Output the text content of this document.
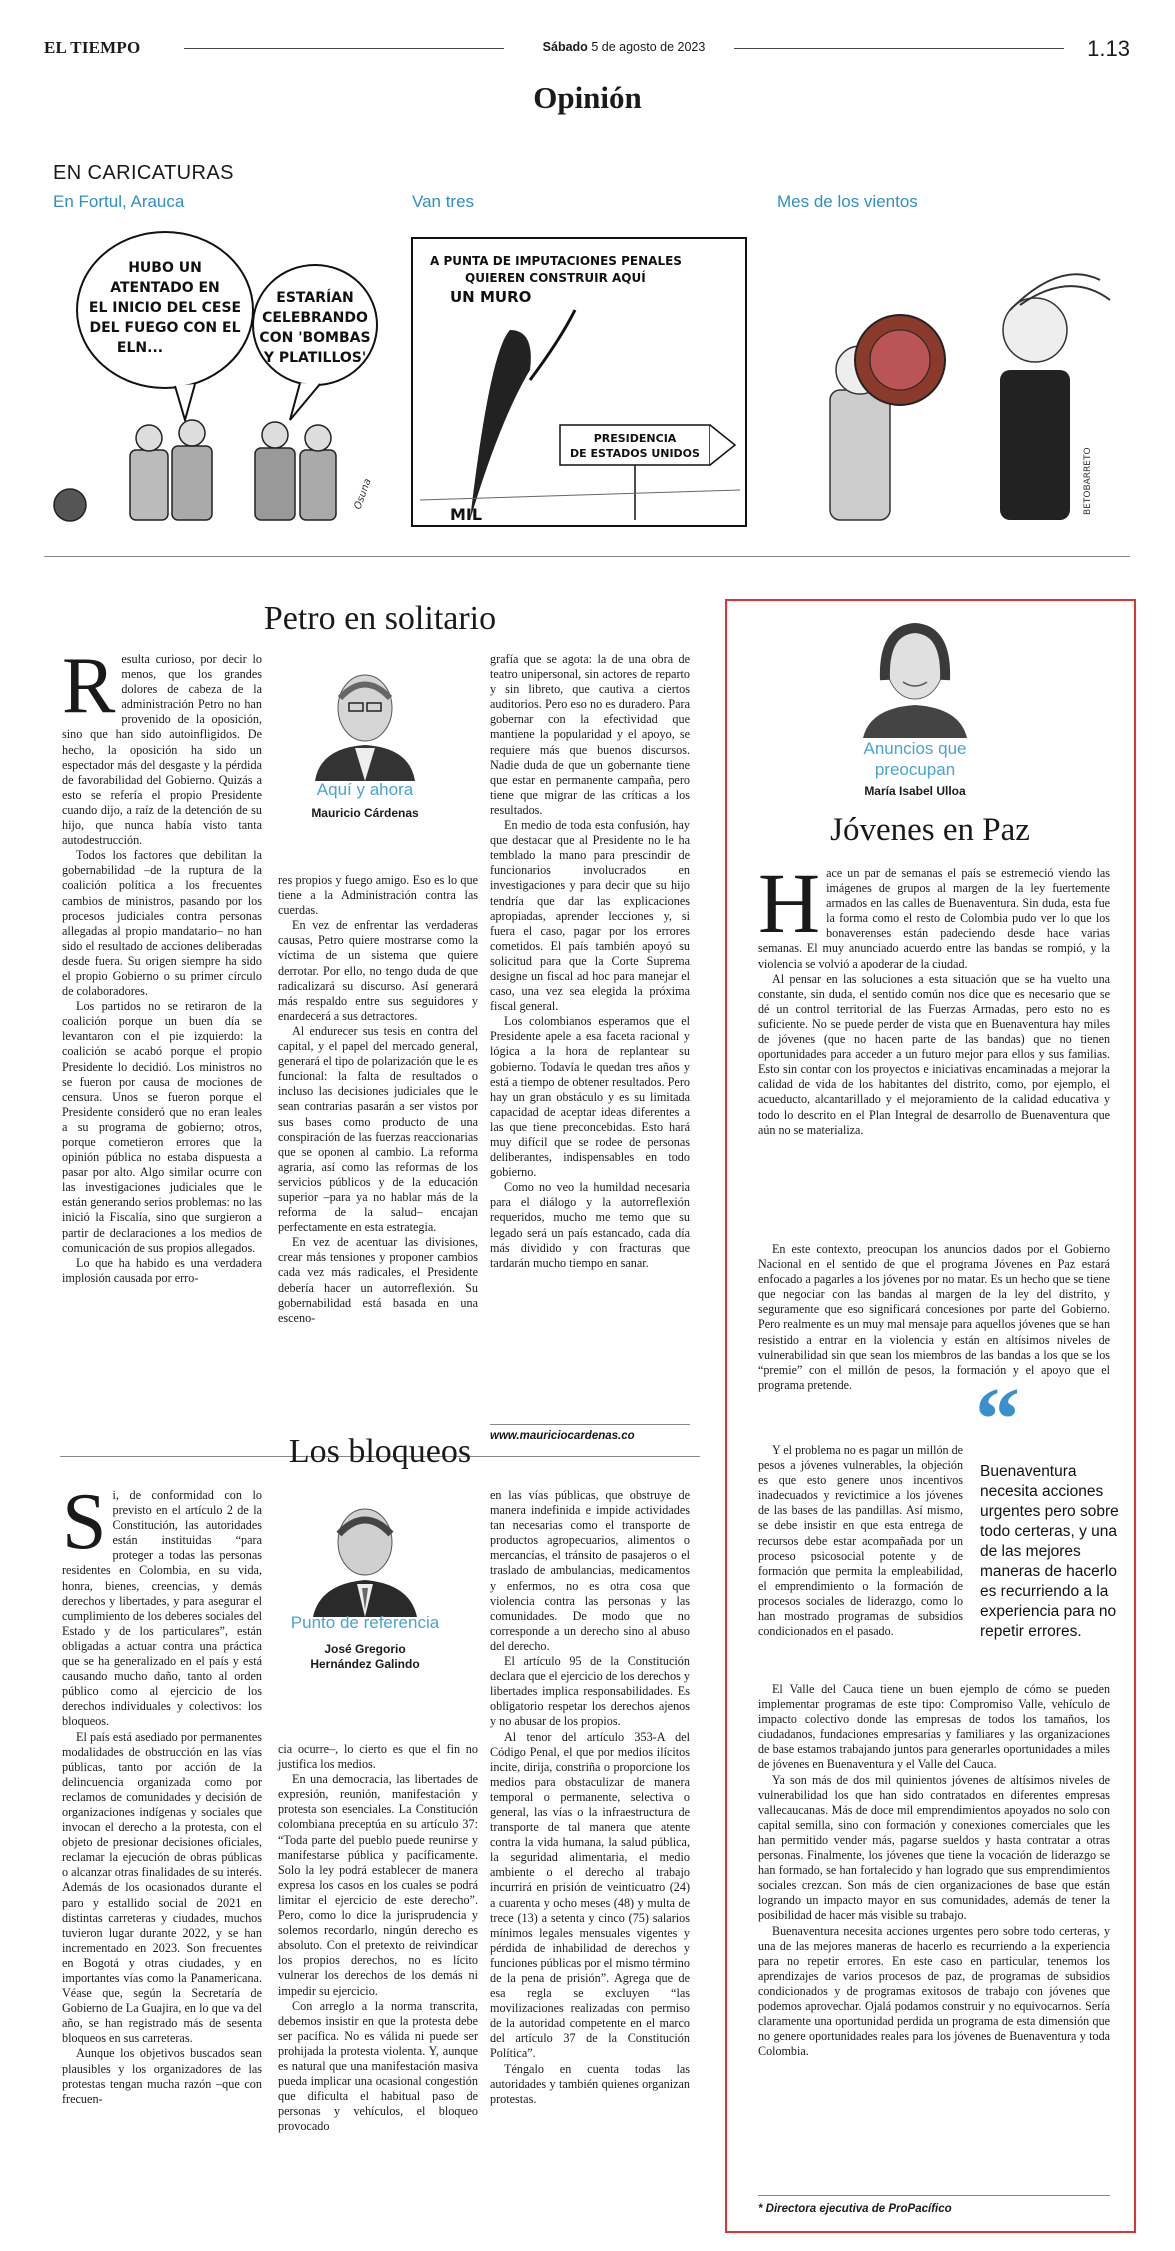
EL TIEMPO	Sábado 5 de agosto de 2023	1.13
Opinión
EN CARICATURAS
En Fortul, Arauca	Van tres	Mes de los vientos
HUBO UN
ATENTADO EN
EL INICIO DEL CESE
DEL FUEGO CON EL
ELN...
ESTARÍAN
CELEBRANDO
CON 'BOMBAS
Y PLATILLOS'
Osuna
A PUNTA DE IMPUTACIONES PENALES
QUIEREN CONSTRUIR AQUÍ
UN MURO
PRESIDENCIA
DE ESTADOS UNIDOS
MIL	BETOBARRETO
Petro en solitario

Resulta curioso, por decir lo menos, que los grandes dolores de cabeza de la administración Petro no han provenido de la oposición, sino que han sido autoinfligidos. De hecho, la oposición ha sido un espectador más del desgaste y la pérdida de favorabilidad del Gobierno. Quizás a esto se refería el propio Presidente cuando dijo, a raíz de la detención de su hijo, que nunca había visto tanta autodestrucción.

Todos los factores que debilitan la gobernabilidad –de la ruptura de la coalición política a los frecuentes cambios de ministros, pasando por los procesos judiciales contra personas allegadas al propio mandatario– no han sido el resultado de acciones deliberadas desde fuera. Su origen siempre ha sido el propio Gobierno o su primer círculo de colaboradores.

Los partidos no se retiraron de la coalición porque un buen día se levantaron con el pie izquierdo: la coalición se acabó porque el propio Presidente lo decidió. Los ministros no se fueron por causa de mociones de censura. Unos se fueron porque el Presidente consideró que no eran leales a su programa de gobierno; otros, porque cometieron errores que la opinión pública no estaba dispuesta a pasar por alto. Algo similar ocurre con las investigaciones judiciales que le están generando serios problemas: no las inició la Fiscalía, sino que surgieron a partir de declaraciones a los medios de comunicación de sus propios allegados.

Lo que ha habido es una verdadera implosión causada por erro-

Aquí y ahora
Mauricio Cárdenas

res propios y fuego amigo. Eso es lo que tiene a la Administración contra las cuerdas.

En vez de enfrentar las verdaderas causas, Petro quiere mostrarse como la víctima de un sistema que quiere derrotar. Por ello, no tengo duda de que radicalizará su discurso. Así generará más respaldo entre sus seguidores y enardecerá a sus detractores.

Al endurecer sus tesis en contra del capital, y el papel del mercado general, generará el tipo de polarización que le es funcional: la falta de resultados o incluso las decisiones judiciales que le sean contrarias pasarán a ser vistos por sus bases como producto de una conspiración de las fuerzas reaccionarias que se oponen al cambio. La reforma agraria, así como las reformas de los servicios públicos y de la educación superior –para ya no hablar más de la reforma de la salud– encajan perfectamente en esta estrategia.

En vez de acentuar las divisiones, crear más tensiones y proponer cambios cada vez más radicales, el Presidente debería hacer un autorreflexión. Su gobernabilidad está basada en una esceno-

grafía que se agota: la de una obra de teatro unipersonal, sin actores de reparto y sin libreto, que cautiva a ciertos auditorios. Pero eso no es duradero. Para gobernar con la efectividad que mantiene la popularidad y el apoyo, se requiere más que buenos discursos. Nadie duda de que un gobernante tiene que estar en permanente campaña, pero tiene que migrar de las críticas a los resultados.

En medio de toda esta confusión, hay que destacar que al Presidente no le ha temblado la mano para prescindir de funcionarios involucrados en investigaciones y para decir que su hijo tendría que dar las explicaciones apropiadas, aprender lecciones y, si fuera el caso, pagar por los errores cometidos. El país también apoyó su solicitud para que la Corte Suprema designe un fiscal ad hoc para manejar el caso, una vez sea elegida la próxima fiscal general.

Los colombianos esperamos que el Presidente apele a esa faceta racional y lógica a la hora de replantear su gobierno. Todavía le quedan tres años y está a tiempo de obtener resultados. Pero hay un gran obstáculo y es su limitada capacidad de aceptar ideas diferentes a las que tiene preconcebidas. Esto hará muy difícil que se rodee de personas deliberantes, indispensables en todo gobierno.

Como no veo la humildad necesaria para el diálogo y la autorreflexión requeridos, mucho me temo que su legado será un país estancado, cada día más dividido y con fracturas que tardarán mucho tiempo en sanar.

www.mauriciocardenas.co
Los bloqueos

Si, de conformidad con lo previsto en el artículo 2 de la Constitución, las autoridades están instituidas “para proteger a todas las personas residentes en Colombia, en su vida, honra, bienes, creencias, y demás derechos y libertades, y para asegurar el cumplimiento de los deberes sociales del Estado y de los particulares”, están obligadas a actuar contra una práctica que se ha generalizado en el país y está causando mucho daño, tanto al orden público como al ejercicio de los derechos individuales y colectivos: los bloqueos.

El país está asediado por permanentes modalidades de obstrucción en las vías públicas, tanto por acción de la delincuencia organizada como por reclamos de comunidades y decisión de organizaciones indígenas y sociales que invocan el derecho a la protesta, con el objeto de presionar decisiones oficiales, reclamar la ejecución de obras públicas o alcanzar otras finalidades de su interés. Además de los ocasionados durante el paro y estallido social de 2021 en distintas carreteras y ciudades, muchos tuvieron lugar durante 2022, y se han incrementado en 2023. Son frecuentes en Bogotá y otras ciudades, y en importantes vías como la Panamericana. Véase que, según la Secretaría de Gobierno de La Guajira, en lo que va del año, se han registrado más de sesenta bloqueos en sus carreteras.

Aunque los objetivos buscados sean plausibles y los organizadores de las protestas tengan mucha razón –que con frecuen-

Punto de referencia
José Gregorio
Hernández Galindo

cia ocurre–, lo cierto es que el fin no justifica los medios.

En una democracia, las libertades de expresión, reunión, manifestación y protesta son esenciales. La Constitución colombiana preceptúa en su artículo 37: “Toda parte del pueblo puede reunirse y manifestarse pública y pacíficamente. Solo la ley podrá establecer de manera expresa los casos en los cuales se podrá limitar el ejercicio de este derecho”. Pero, como lo dice la jurisprudencia y solemos recordarlo, ningún derecho es absoluto. Con el pretexto de reivindicar los propios derechos, no es lícito vulnerar los derechos de los demás ni impedir su ejercicio.

Con arreglo a la norma transcrita, debemos insistir en que la protesta debe ser pacífica. No es válida ni puede ser prohijada la protesta violenta. Y, aunque es natural que una manifestación masiva pueda implicar una ocasional congestión que dificulta el habitual paso de personas y vehículos, el bloqueo provocado

en las vías públicas, que obstruye de manera indefinida e impide actividades tan necesarias como el transporte de productos agropecuarios, alimentos o mercancías, el tránsito de pasajeros o el traslado de ambulancias, medicamentos y enfermos, no es otra cosa que violencia contra las personas y las comunidades. De modo que no corresponde a un derecho sino al abuso del derecho.

El artículo 95 de la Constitución declara que el ejercicio de los derechos y libertades implica responsabilidades. Es obligatorio respetar los derechos ajenos y no abusar de los propios.

Al tenor del artículo 353-A del Código Penal, el que por medios ilícitos incite, dirija, constriña o proporcione los medios para obstaculizar de manera temporal o permanente, selectiva o general, las vías o la infraestructura de transporte de tal manera que atente contra la vida humana, la salud pública, la seguridad alimentaria, el medio ambiente o el derecho al trabajo incurrirá en prisión de veinticuatro (24) a cuarenta y ocho meses (48) y multa de trece (13) a setenta y cinco (75) salarios mínimos legales mensuales vigentes y pérdida de inhabilidad de derechos y funciones públicas por el mismo término de la pena de prisión”. Agrega que de esa regla se excluyen “las movilizaciones realizadas con permiso de la autoridad competente en el marco del artículo 37 de la Constitución Política”.

Téngalo en cuenta todas las autoridades y también quienes organizan protestas.

Anuncios que
preocupan
María Isabel Ulloa
Jóvenes en Paz

Hace un par de semanas el país se estremeció viendo las imágenes de grupos al margen de la ley fuertemente armados en las calles de Buenaventura. Sin duda, esta fue la forma como el resto de Colombia pudo ver lo que los bonaverenses están padeciendo desde hace varias semanas. El muy anunciado acuerdo entre las bandas se rompió, y la violencia se volvió a apoderar de la ciudad.

Al pensar en las soluciones a esta situación que se ha vuelto una constante, sin duda, el sentido común nos dice que es necesario que se dé un control territorial de las Fuerzas Armadas, pero esto no es suficiente. No se puede perder de vista que en Buenaventura hay miles de jóvenes (que no hacen parte de las bandas) que no tienen oportunidades para acceder a un futuro mejor para ellos y sus familias. Esto sin contar con los proyectos e iniciativas encaminadas a mejorar la calidad de vida de los habitantes del distrito, como, por ejemplo, el acueducto, alcantarillado y el mejoramiento de la calidad educativa y todo lo descrito en el Plan Integral de desarrollo de Buenaventura que aún no se materializa.

En este contexto, preocupan los anuncios dados por el Gobierno Nacional en el sentido de que el programa Jóvenes en Paz estará enfocado a pagarles a los jóvenes por no matar. Es un hecho que se tiene que negociar con las bandas al margen de la ley del distrito, y seguramente que eso significará concesiones por parte del Gobierno. Pero realmente es un muy mal mensaje para aquellos jóvenes que se han resistido a entrar en la violencia y están en altísimos niveles de vulnerabilidad sin que sean los miembros de las bandas a los que se los “premie” con el millón de pesos, la formación y el apoyo que el programa pretende.

Y el problema no es pagar un millón de pesos a jóvenes vulnerables, la objeción es que esto genere unos incentivos inadecuados y revictimice a los jóvenes de las bases de las pandillas. Así mismo, se debe insistir en que esta entrega de recursos debe estar acompañada por un proceso psicosocial potente y de formación que permita la empleabilidad, el emprendimiento o la formación de procesos sociales de liderazgo, como lo han mostrado programas de subsidios condicionados en el pasado.

“
Buenaventura
necesita acciones
urgentes pero sobre
todo certeras, y una
de las mejores
maneras de hacerlo
es recurriendo a la
experiencia para no
repetir errores.

El Valle del Cauca tiene un buen ejemplo de cómo se pueden implementar programas de este tipo: Compromiso Valle, vehículo de impacto colectivo donde las empresas de todos los tamaños, los ciudadanos, fundaciones empresarias y familiares y las organizaciones de base estamos trabajando juntos para generarles oportunidades a miles de jóvenes en Buenaventura y el Valle del Cauca.

Ya son más de dos mil quinientos jóvenes de altísimos niveles de vulnerabilidad los que han sido contratados en diferentes empresas vallecaucanas. Más de doce mil emprendimientos apoyados no solo con capital semilla, sino con formación y conexiones comerciales que les han permitido vender más, pagarse sueldos y hasta contratar a otras personas. Finalmente, los jóvenes que tiene la vocación de liderazgo se han formado, se han fortalecido y han logrado que sus emprendimientos sociales crezcan. Son más de cien organizaciones de base que están logrando un impacto mayor en sus comunidades, además de tener la posibilidad de hacer más visible su trabajo.

Buenaventura necesita acciones urgentes pero sobre todo certeras, y una de las mejores maneras de hacerlo es recurriendo a la experiencia para no repetir errores. En este caso en particular, tenemos los aprendizajes de varios procesos de paz, de programas de subsidios condicionados y de programas exitosos de trabajo con jóvenes que podemos aprovechar. Ojalá podamos construir y no equivocarnos. Sería claramente una oportunidad perdida un programa de esta dimensión que no genere oportunidades reales para los jóvenes de Buenaventura y toda Colombia.

* Directora ejecutiva de ProPacífico
